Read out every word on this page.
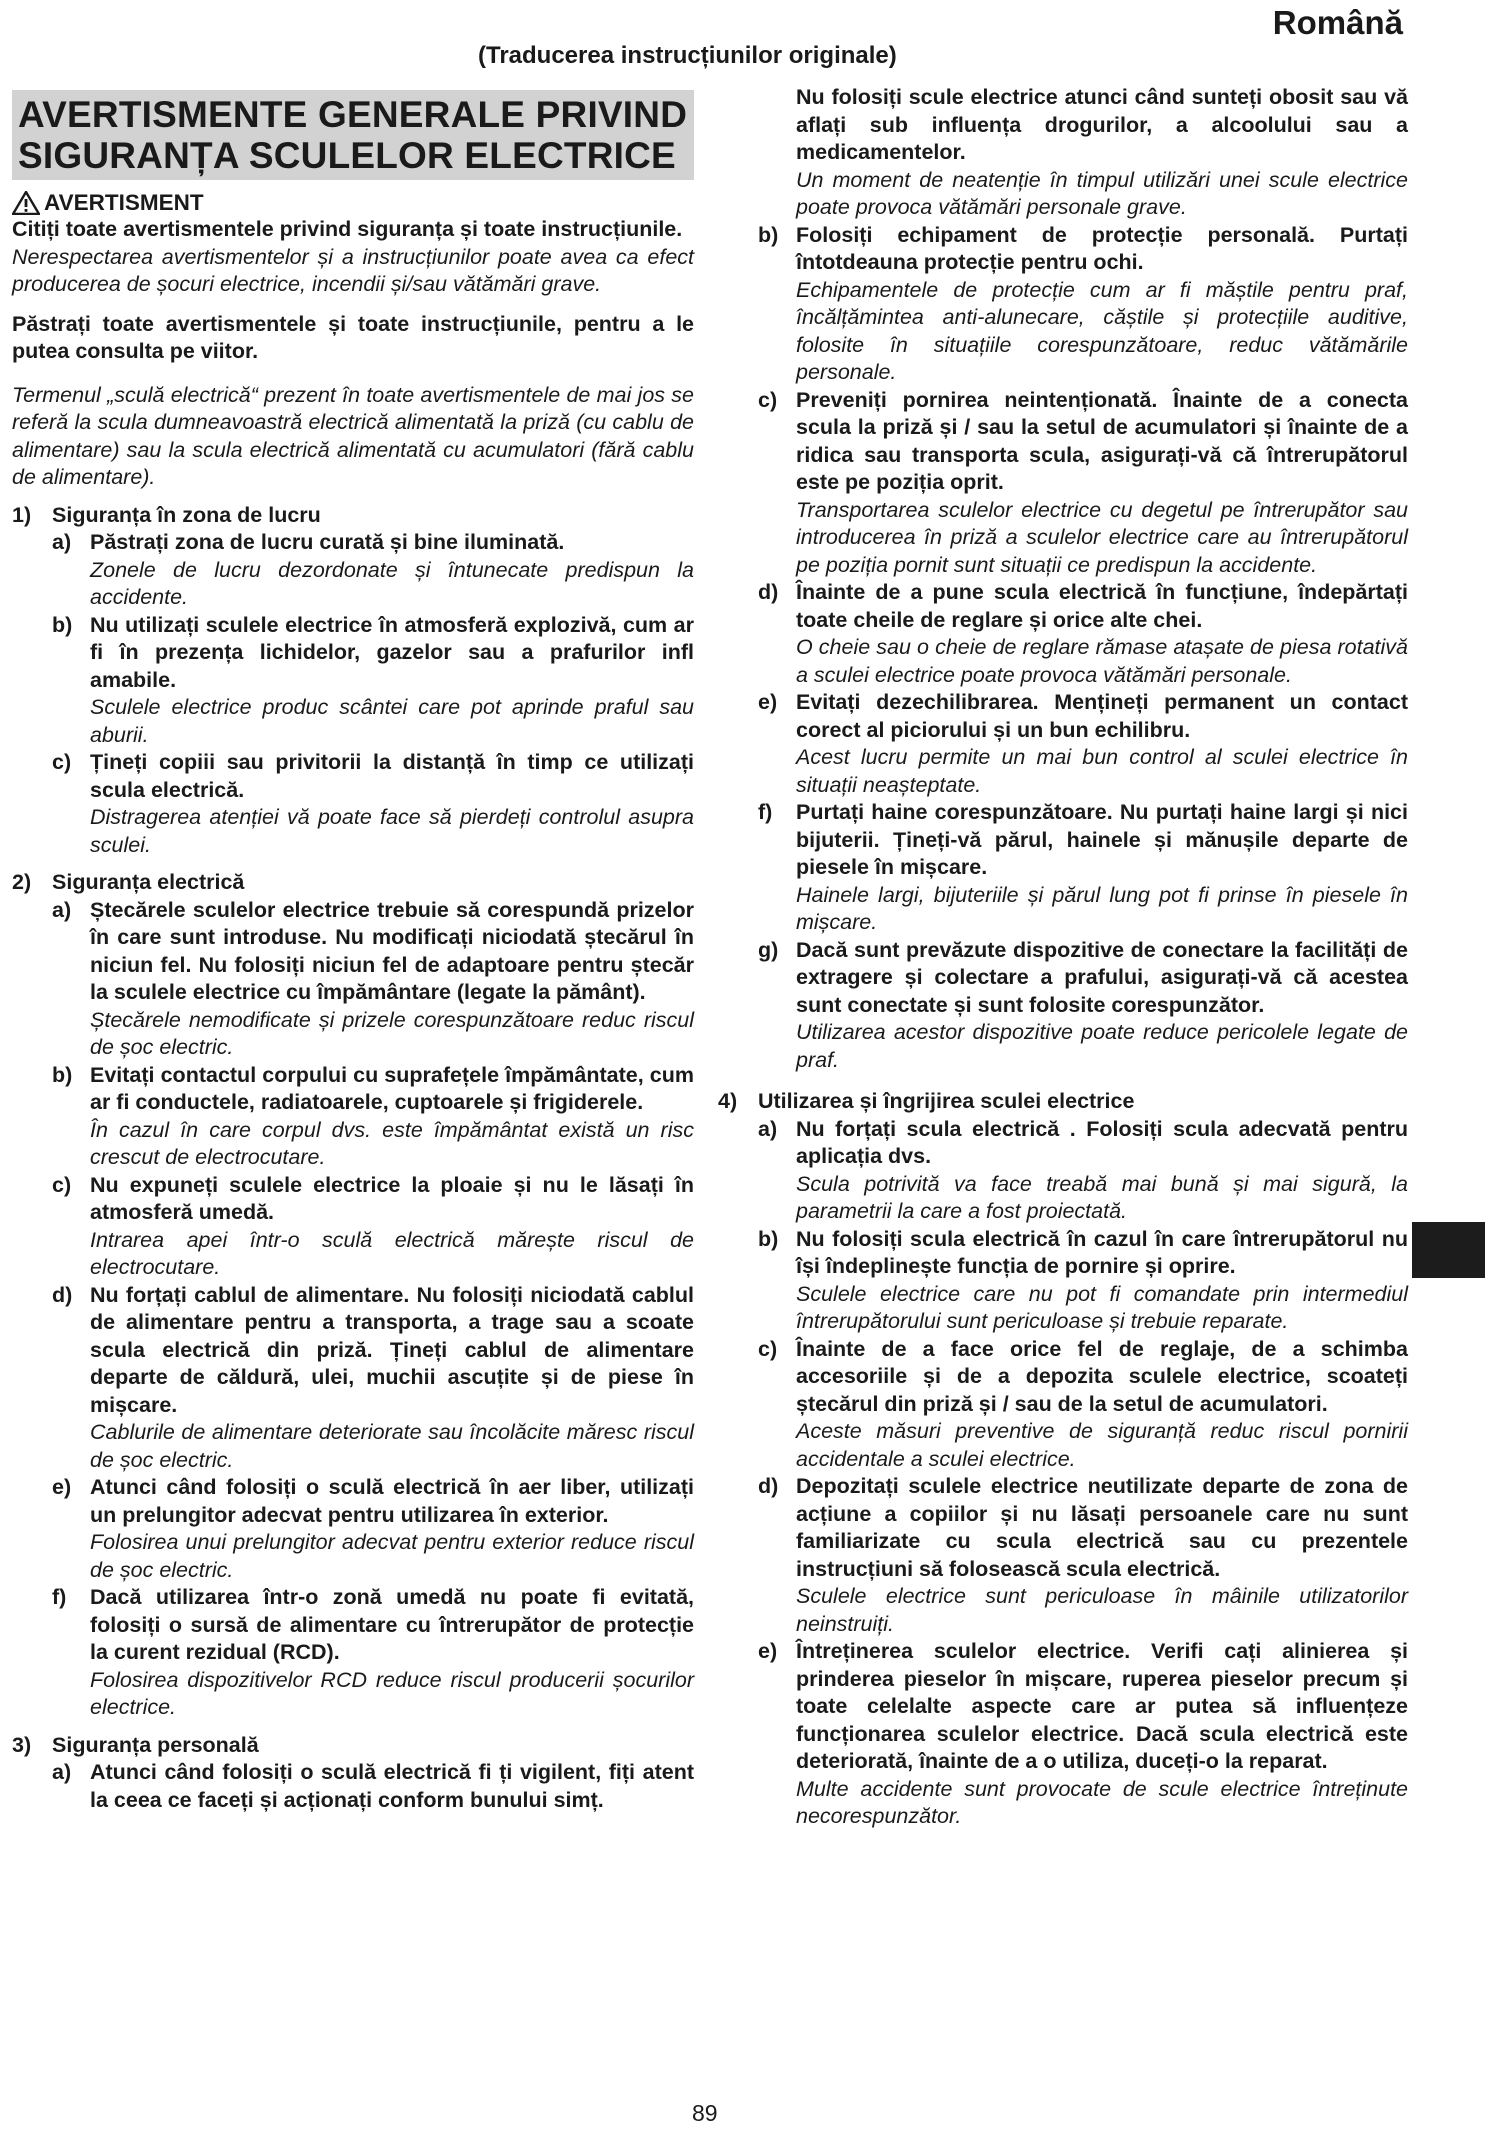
Română
(Traducerea instrucțiunilor originale)
AVERTISMENTE GENERALE PRIVIND
SIGURANȚA SCULELOR ELECTRICE
AVERTISMENT

Citiți toate avertismentele privind siguranța și toate instrucțiunile.

Nerespectarea avertismentelor și a instrucțiunilor poate avea ca efect producerea de șocuri electrice, incendii și/sau vătămări grave.

Păstrați toate avertismentele și toate instrucțiunile, pentru a le putea consulta pe viitor.

Termenul „sculă electrică“ prezent în toate avertismentele de mai jos se referă la scula dumneavoastră electrică alimentată la priză (cu cablu de alimentare) sau la scula electrică alimentată cu acumulatori (fără cablu de alimentare).

1) Siguranța în zona de lucru
a) Păstrați zona de lucru curată și bine iluminată.

Zonele de lucru dezordonate și întunecate predispun la accidente.

b) Nu utilizați sculele electrice în atmosferă explozivă, cum ar fi în prezența lichidelor, gazelor sau a prafurilor infl amabile.

Sculele electrice produc scântei care pot aprinde praful sau aburii.

c) Țineți copiii sau privitorii la distanță în timp ce utilizați scula electrică.

Distragerea atenției vă poate face să pierdeți controlul asupra sculei.

2) Siguranța electrică
a) Ștecărele sculelor electrice trebuie să corespundă prizelor în care sunt introduse. Nu modificați niciodată ștecărul în niciun fel. Nu folosiți niciun fel de adaptoare pentru ștecăr la sculele electrice cu împământare (legate la pământ).

Ștecărele nemodificate și prizele corespunzătoare reduc riscul de șoc electric.

b) Evitați contactul corpului cu suprafețele împământate, cum ar fi conductele, radiatoarele, cuptoarele și frigiderele.

În cazul în care corpul dvs. este împământat există un risc crescut de electrocutare.

c) Nu expuneți sculele electrice la ploaie și nu le lăsați în atmosferă umedă.

Intrarea apei într-o sculă electrică mărește riscul de electrocutare.

d) Nu forțați cablul de alimentare. Nu folosiți niciodată cablul de alimentare pentru a transporta, a trage sau a scoate scula electrică din priză. Țineți cablul de alimentare departe de căldură, ulei, muchii ascuțite și de piese în mișcare.

Cablurile de alimentare deteriorate sau încolăcite măresc riscul de șoc electric.

e) Atunci când folosiți o sculă electrică în aer liber, utilizați un prelungitor adecvat pentru utilizarea în exterior.

Folosirea unui prelungitor adecvat pentru exterior reduce riscul de șoc electric.

f)	Dacă utilizarea într-o zonă umedă nu poate fi evitată, folosiți o sursă de alimentare cu întrerupător de protecție la curent rezidual (RCD).

Folosirea dispozitivelor RCD reduce riscul producerii șocurilor electrice.

3) Siguranța personală
a) Atunci când folosiți o sculă electrică fi ți vigilent, fiți atent la ceea ce faceți și acționați conform bunului simț.

Nu folosiți scule electrice atunci când sunteți obosit sau vă aflați sub influența drogurilor, a alcoolului sau a medicamentelor.

Un moment de neatenție în timpul utilizări unei scule electrice poate provoca vătămări personale grave.

b) Folosiți echipament de protecție personală. Purtați întotdeauna protecție pentru ochi.

Echipamentele de protecție cum ar fi măștile pentru praf, încălțămintea anti-alunecare, căștile și protecțiile auditive, folosite în situațiile corespunzătoare, reduc vătămările personale.

c) Preveniți pornirea neintenționată. Înainte de a conecta scula la priză și / sau la setul de acumulatori și înainte de a ridica sau transporta scula, asigurați-vă că întrerupătorul este pe poziția oprit.

Transportarea sculelor electrice cu degetul pe întrerupător sau introducerea în priză a sculelor electrice care au întrerupătorul pe poziția pornit sunt situații ce predispun la accidente.

d) Înainte de a pune scula electrică în funcțiune, îndepărtați toate cheile de reglare și orice alte chei.

O cheie sau o cheie de reglare rămase atașate de piesa rotativă a sculei electrice poate provoca vătămări personale.

e) Evitați dezechilibrarea. Mențineți permanent un contact corect al piciorului și un bun echilibru.

Acest lucru permite un mai bun control al sculei electrice în situații neașteptate.

f)	Purtați haine corespunzătoare. Nu purtați haine largi și nici bijuterii. Țineți-vă părul, hainele și mănușile departe de piesele în mișcare.

Hainele largi, bijuteriile și părul lung pot fi prinse în piesele în mișcare.

g) Dacă sunt prevăzute dispozitive de conectare la facilități de extragere și colectare a prafului, asigurați-vă că acestea sunt conectate și sunt folosite corespunzător.

Utilizarea acestor dispozitive poate reduce pericolele legate de praf.

4) Utilizarea și îngrijirea sculei electrice
a) Nu forțați scula electrică . Folosiți scula adecvată pentru aplicația dvs.

Scula potrivită va face treabă mai bună și mai sigură, la parametrii la care a fost proiectată.

b) Nu folosiți scula electrică în cazul în care întrerupătorul nu își îndeplinește funcția de pornire și oprire.

Sculele electrice care nu pot fi comandate prin intermediul întrerupătorului sunt periculoase și trebuie reparate.

c) Înainte de a face orice fel de reglaje, de a schimba accesoriile și de a depozita sculele electrice, scoateți ștecărul din priză și / sau de la setul de acumulatori.

Aceste măsuri preventive de siguranță reduc riscul pornirii accidentale a sculei electrice.

d) Depozitați sculele electrice neutilizate departe de zona de acțiune a copiilor și nu lăsați persoanele care nu sunt familiarizate cu scula electrică sau cu prezentele instrucțiuni să folosească scula electrică.

Sculele electrice sunt periculoase în mâinile utilizatorilor neinstruiți.

e) Întreținerea sculelor electrice. Verifi cați alinierea și prinderea pieselor în mișcare, ruperea pieselor precum și toate celelalte aspecte care ar putea să influențeze funcționarea sculelor electrice. Dacă scula electrică este deteriorată, înainte de a o utiliza, duceți-o la reparat.

Multe accidente sunt provocate de scule electrice întreținute necorespunzător.

89
